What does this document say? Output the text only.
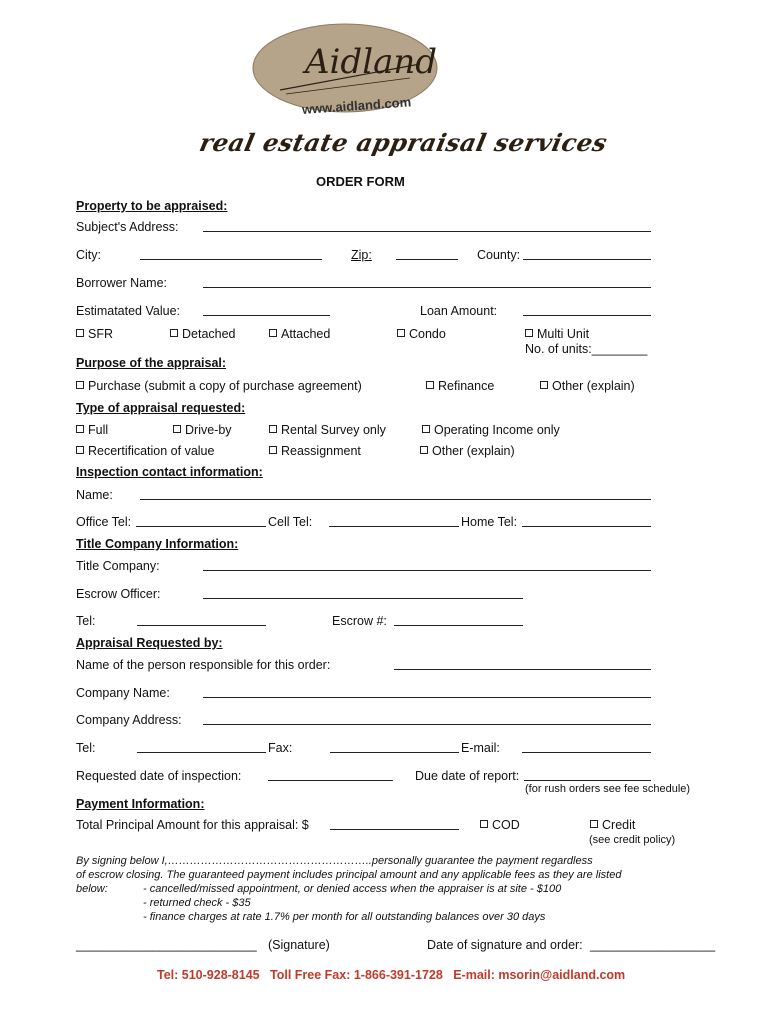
Aidland
www.aidland.com
real estate appraisal services
ORDER FORM
Property to be appraised:
Subject's Address:
City:	Zip:	County:
Borrower Name:
Estimatated Value:	Loan Amount:
SFR	Detached	Attached	Condo	Multi Unit
No. of units:________
Purpose of the appraisal:
Purchase (submit a copy of purchase agreement)	Refinance	Other (explain)
Type of appraisal requested:
Full	Drive-by	Rental Survey only	Operating Income only
Recertification of value	Reassignment	Other (explain)
Inspection contact information:
Name:
Office Tel:	Cell Tel:	Home Tel:
Title Company Information:
Title Company:
Escrow Officer:
Tel:	Escrow #:
Appraisal Requested by:
Name of the person responsible for this order:
Company Name:
Company Address:
Tel:	Fax:	E-mail:
Requested date of inspection:	Due date of report:
(for rush orders see fee schedule)
Payment Information:
Total Principal Amount for this appraisal: $	COD	Credit
(see credit policy)
By signing below I,………………………………………………..personally guarantee the payment regardless
of escrow closing. The guaranteed payment includes principal amount and any applicable fees as they are listed
below:	- cancelled/missed appointment, or denied access when the appraiser is at site - $100
- returned check - $35
- finance charges at rate 1.7% per month for all outstanding balances over 30 days
__________________________ (Signature)	Date of signature and order: __________________
Tel: 510-928-8145   Toll Free Fax: 1-866-391-1728   E-mail: msorin@aidland.com
